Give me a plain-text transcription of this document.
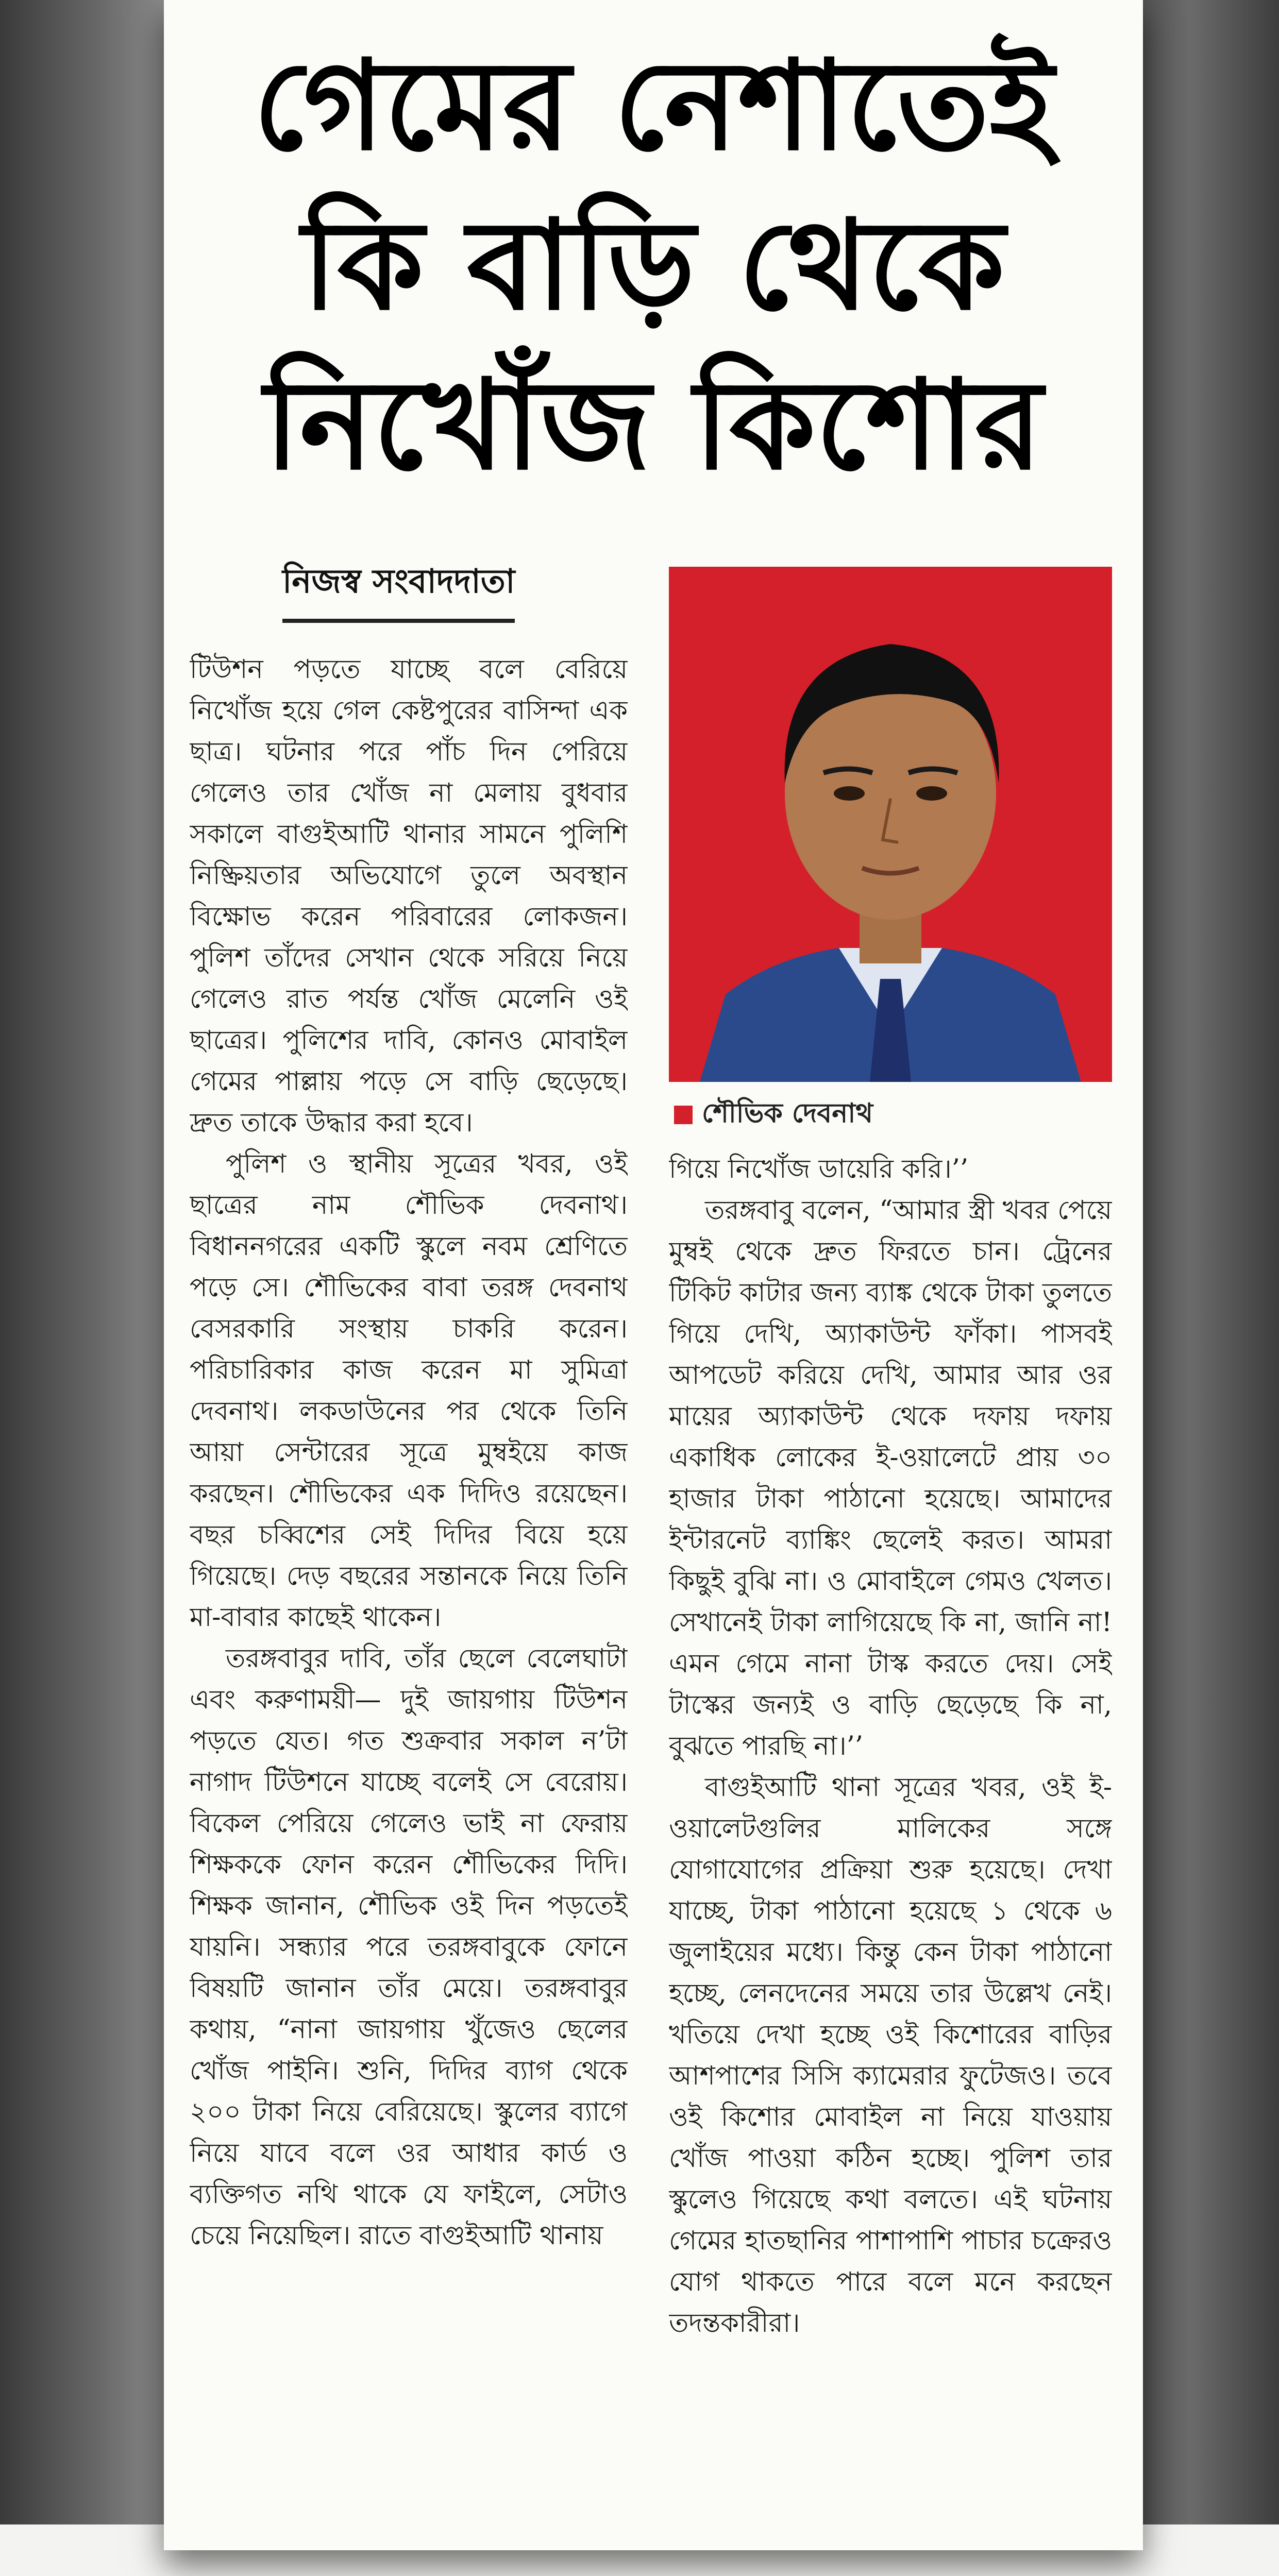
গেমের নেশাতেই
কি বাড়ি থেকে
নিখোঁজ কিশোর
নিজস্ব সংবাদদাতা

টিউশন পড়তে যাচ্ছে বলে বেরিয়ে নিখোঁজ হয়ে গেল কেষ্টপুরের বাসিন্দা এক ছাত্র। ঘটনার পরে পাঁচ দিন পেরিয়ে গেলেও তার খোঁজ না মেলায় বুধবার সকালে বাগুইআটি থানার সামনে পুলিশি নিষ্ক্রিয়তার অভিযোগে তুলে অবস্থান বিক্ষোভ করেন পরিবারের লোকজন। পুলিশ তাঁদের সেখান থেকে সরিয়ে নিয়ে গেলেও রাত পর্যন্ত খোঁজ মেলেনি ওই ছাত্রের। পুলিশের দাবি, কোনও মোবাইল গেমের পাল্লায় পড়ে সে বাড়ি ছেড়েছে। দ্রুত তাকে উদ্ধার করা হবে।

পুলিশ ও স্থানীয় সূত্রের খবর, ওই ছাত্রের নাম শৌভিক দেবনাথ। বিধাননগরের একটি স্কুলে নবম শ্রেণিতে পড়ে সে। শৌভিকের বাবা তরঙ্গ দেবনাথ বেসরকারি সংস্থায় চাকরি করেন। পরিচারিকার কাজ করেন মা সুমিত্রা দেবনাথ। লকডাউনের পর থেকে তিনি আয়া সেন্টারের সূত্রে মুম্বইয়ে কাজ করছেন। শৌভিকের এক দিদিও রয়েছেন। বছর চব্বিশের সেই দিদির বিয়ে হয়ে গিয়েছে। দেড় বছরের সন্তানকে নিয়ে তিনি মা-বাবার কাছেই থাকেন।

তরঙ্গবাবুর দাবি, তাঁর ছেলে বেলেঘাটা এবং করুণাময়ী— দুই জায়গায় টিউশন পড়তে যেত। গত শুক্রবার সকাল ন’টা নাগাদ টিউশনে যাচ্ছে বলেই সে বেরোয়। বিকেল পেরিয়ে গেলেও ভাই না ফেরায় শিক্ষককে ফোন করেন শৌভিকের দিদি। শিক্ষক জানান, শৌভিক ওই দিন পড়তেই যায়নি। সন্ধ্যার পরে তরঙ্গবাবুকে ফোনে বিষয়টি জানান তাঁর মেয়ে। তরঙ্গবাবুর কথায়, “নানা জায়গায় খুঁজেও ছেলের খোঁজ পাইনি। শুনি, দিদির ব্যাগ থেকে ২০০ টাকা নিয়ে বেরিয়েছে। স্কুলের ব্যাগে নিয়ে যাবে বলে ওর আধার কার্ড ও ব্যক্তিগত নথি থাকে যে ফাইলে, সেটাও চেয়ে নিয়েছিল। রাতে বাগুইআটি থানায়

শৌভিক দেবনাথ

গিয়ে নিখোঁজ ডায়েরি করি।’’

তরঙ্গবাবু বলেন, “আমার স্ত্রী খবর পেয়ে মুম্বই থেকে দ্রুত ফিরতে চান। ট্রেনের টিকিট কাটার জন্য ব্যাঙ্ক থেকে টাকা তুলতে গিয়ে দেখি, অ্যাকাউন্ট ফাঁকা। পাসবই আপডেট করিয়ে দেখি, আমার আর ওর মায়ের অ্যাকাউন্ট থেকে দফায় দফায় একাধিক লোকের ই-ওয়ালেটে প্রায় ৩০ হাজার টাকা পাঠানো হয়েছে। আমাদের ইন্টারনেট ব্যাঙ্কিং ছেলেই করত। আমরা কিছুই বুঝি না। ও মোবাইলে গেমও খেলত। সেখানেই টাকা লাগিয়েছে কি না, জানি না! এমন গেমে নানা টাস্ক করতে দেয়। সেই টাস্কের জন্যই ও বাড়ি ছেড়েছে কি না, বুঝতে পারছি না।’’

বাগুইআটি থানা সূত্রের খবর, ওই ই-ওয়ালেটগুলির মালিকের সঙ্গে যোগাযোগের প্রক্রিয়া শুরু হয়েছে। দেখা যাচ্ছে, টাকা পাঠানো হয়েছে ১ থেকে ৬ জুলাইয়ের মধ্যে। কিন্তু কেন টাকা পাঠানো হচ্ছে, লেনদেনের সময়ে তার উল্লেখ নেই। খতিয়ে দেখা হচ্ছে ওই কিশোরের বাড়ির আশপাশের সিসি ক্যামেরার ফুটেজও। তবে ওই কিশোর মোবাইল না নিয়ে যাওয়ায় খোঁজ পাওয়া কঠিন হচ্ছে। পুলিশ তার স্কুলেও গিয়েছে কথা বলতে। এই ঘটনায় গেমের হাতছানির পাশাপাশি পাচার চক্রেরও যোগ থাকতে পারে বলে মনে করছেন তদন্তকারীরা।
